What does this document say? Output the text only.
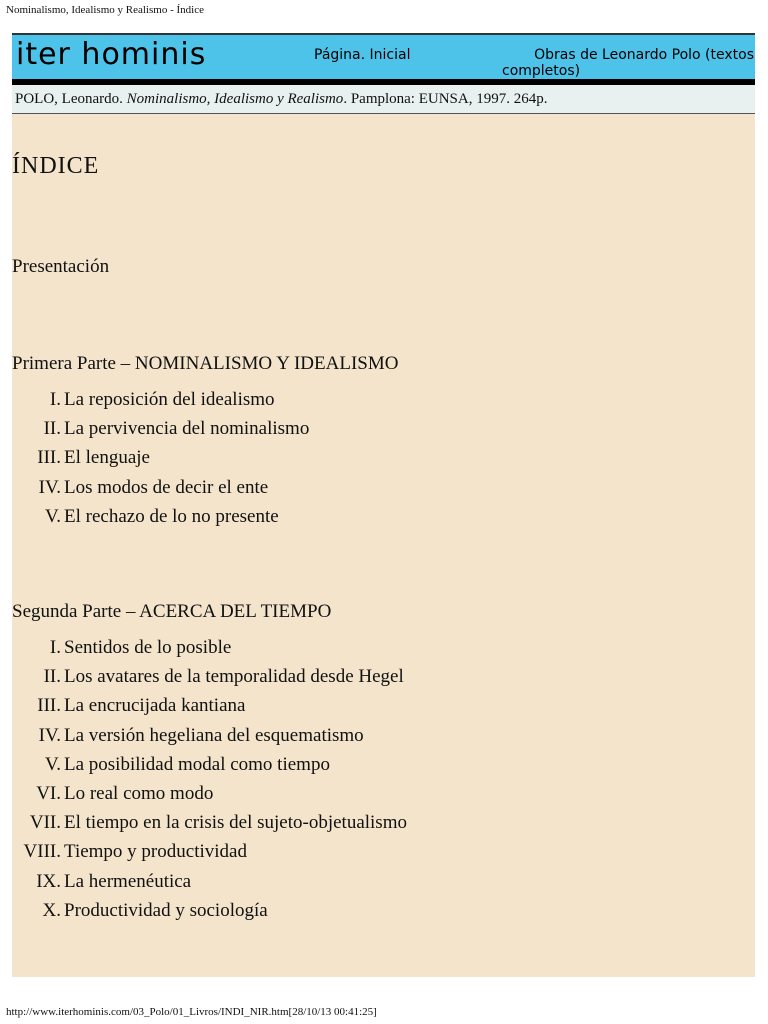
Nominalismo, Idealismo y Realismo - Índice
iter hominis	Página. Inicial	Obras de Leonardo Polo (textos
completos)
POLO, Leonardo. Nominalismo, Idealismo y Realismo. Pamplona: EUNSA, 1997. 264p.
ÍNDICE
Presentación
Primera Parte – NOMINALISMO Y IDEALISMO
I. La reposición del idealismo
II. La pervivencia del nominalismo
III. El lenguaje
IV. Los modos de decir el ente
V. El rechazo de lo no presente
Segunda Parte – ACERCA DEL TIEMPO
I. Sentidos de lo posible
II. Los avatares de la temporalidad desde Hegel
III. La encrucijada kantiana
IV. La versión hegeliana del esquematismo
V. La posibilidad modal como tiempo
VI. Lo real como modo
VII. El tiempo en la crisis del sujeto-objetualismo
VIII. Tiempo y productividad
IX. La hermenéutica
X. Productividad y sociología
http://www.iterhominis.com/03_Polo/01_Livros/INDI_NIR.htm[28/10/13 00:41:25]
